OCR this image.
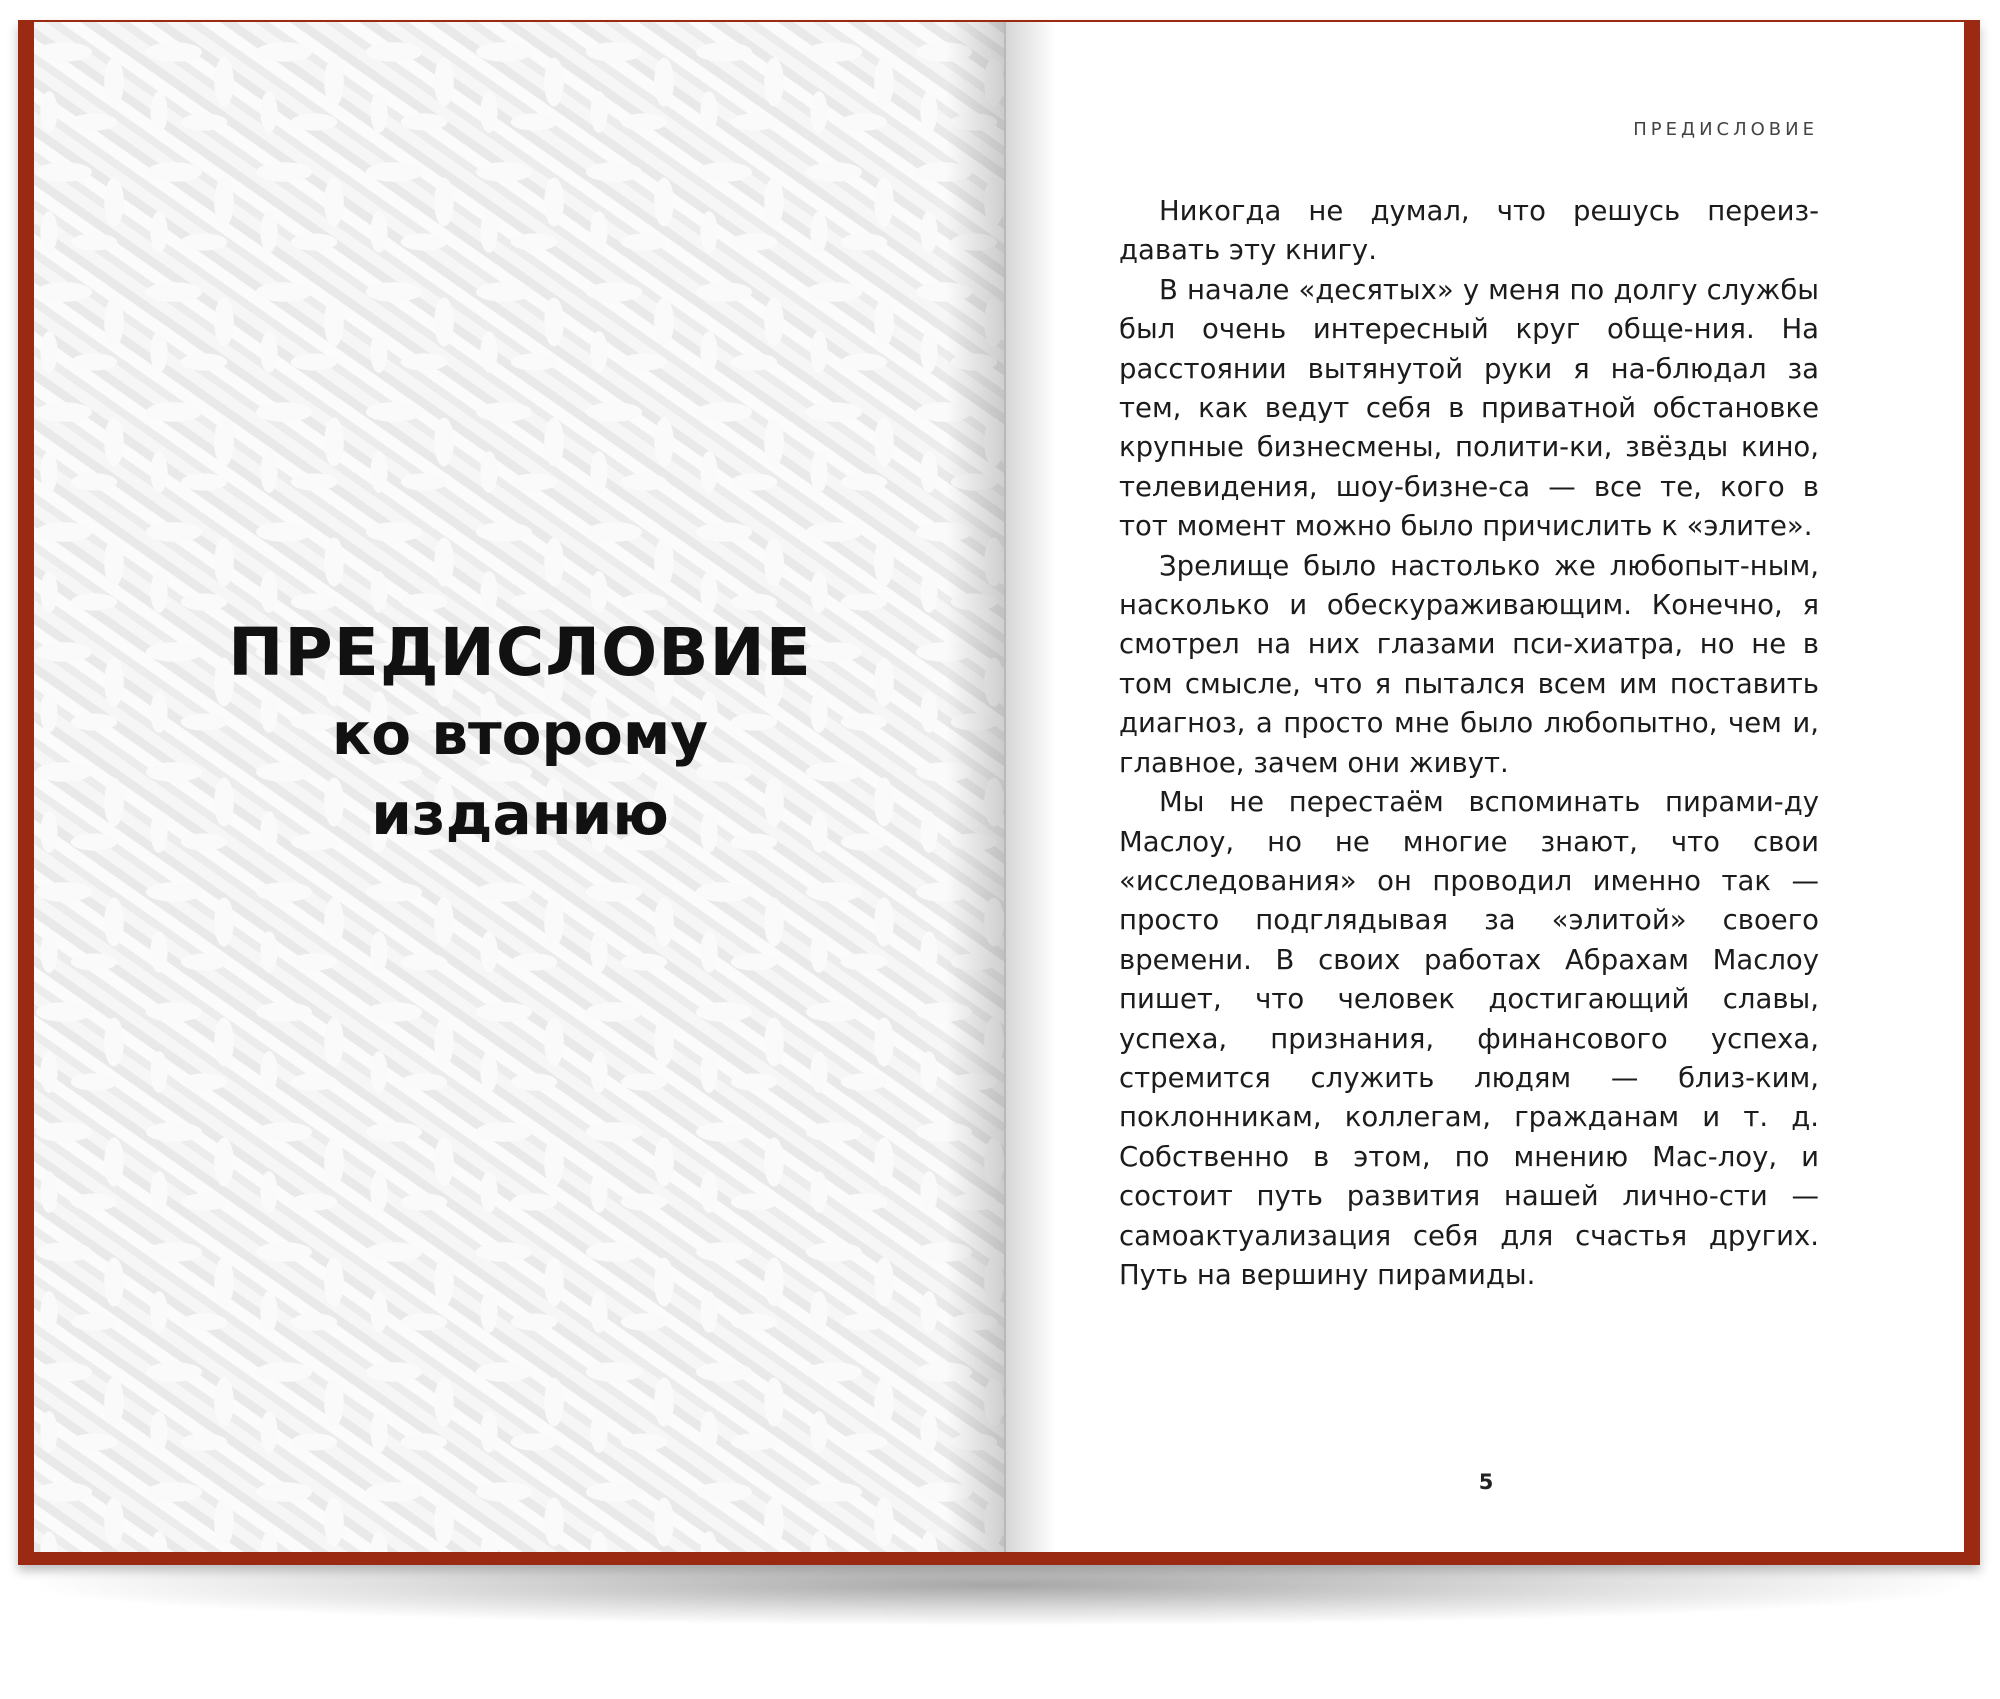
ПРЕДИСЛОВИЕ
ко второму
изданию
ПРЕДИСЛОВИЕ

Никогда не думал, что решусь переиз-давать эту книгу.

В начале «десятых» у меня по долгу службы был очень интересный круг обще-ния. На расстоянии вытянутой руки я на-блюдал за тем, как ведут себя в приватной обстановке крупные бизнесмены, полити-ки, звёзды кино, телевидения, шоу-бизне-са — все те, кого в тот момент можно было причислить к «элите».

Зрелище было настолько же любопыт-ным, насколько и обескураживающим. Конечно, я смотрел на них глазами пси-хиатра, но не в том смысле, что я пытался всем им поставить диагноз, а просто мне было любопытно, чем и, главное, зачем они живут.

Мы не перестаём вспоминать пирами-ду Маслоу, но не многие знают, что свои «исследования» он проводил именно так — просто подглядывая за «элитой» своего времени. В своих работах Абрахам Маслоу пишет, что человек достигающий славы, успеха, признания, финансового успеха, стремится служить людям — близ-ким, поклонникам, коллегам, гражданам и т. д. Собственно в этом, по мнению Мас-лоу, и состоит путь развития нашей лично-сти — самоактуализация себя для счастья других. Путь на вершину пирамиды.

5
